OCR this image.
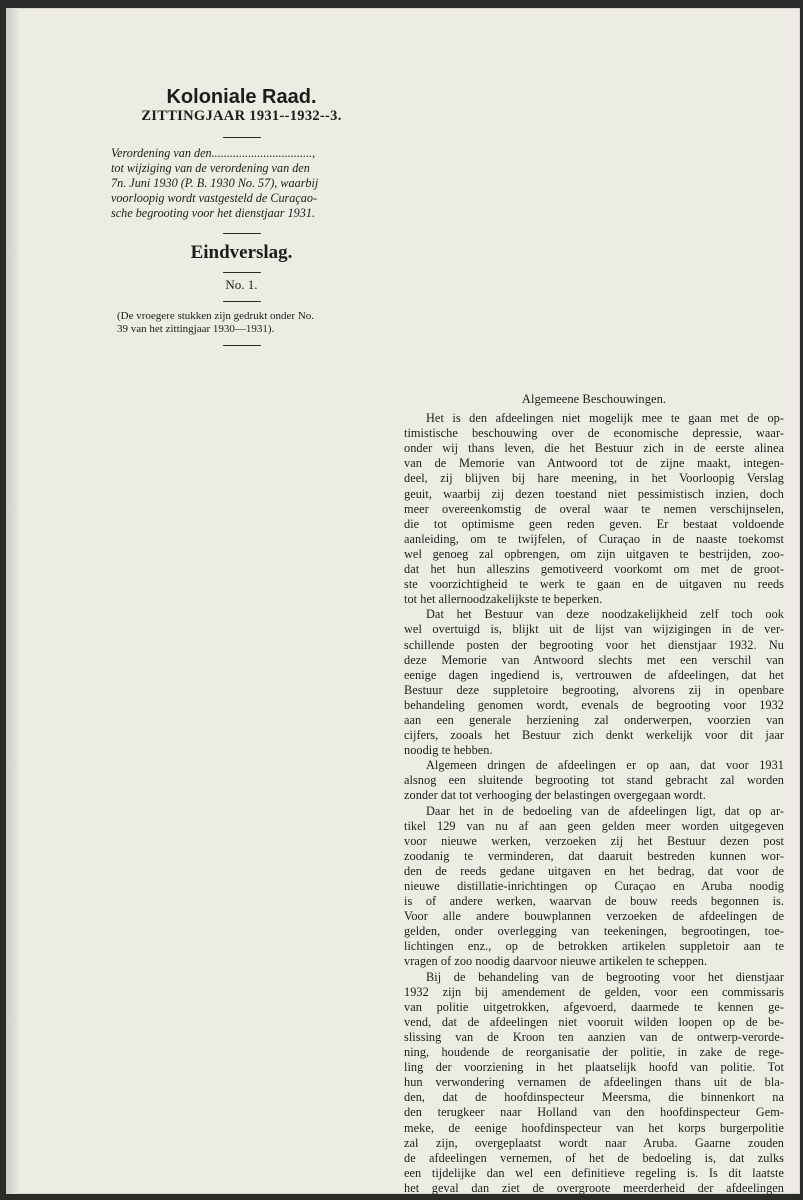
Koloniale Raad.
ZITTINGJAAR 1931--1932--3.
Verordening van den.................................,
tot wijziging van de verordening van den
7n. Juni 1930 (P. B. 1930 No. 57), waarbij
voorloopig wordt vastgesteld de Curaçao-
sche begrooting voor het dienstjaar 1931.
Eindverslag.
No. 1.
(De vroegere stukken zijn gedrukt onder No.
39 van het zittingjaar 1930—1931).
Algemeene Beschouwingen.
Het is den afdeelingen niet mogelijk mee te gaan met de op-
timistische beschouwing over de economische depressie, waar-
onder wij thans leven, die het Bestuur zich in de eerste alinea
van de Memorie van Antwoord tot de zijne maakt, integen-
deel, zij blijven bij hare meening, in het Voorloopig Verslag
geuit, waarbij zij dezen toestand niet pessimistisch inzien, doch
meer overeenkomstig de overal waar te nemen verschijnselen,
die tot optimisme geen reden geven. Er bestaat voldoende
aanleiding, om te twijfelen, of Curaçao in de naaste toekomst
wel genoeg zal opbrengen, om zijn uitgaven te bestrijden, zoo-
dat het hun alleszins gemotiveerd voorkomt om met de groot-
ste voorzichtigheid te werk te gaan en de uitgaven nu reeds
tot het allernoodzakelijkste te beperken.
Dat het Bestuur van deze noodzakelijkheid zelf toch ook
wel overtuigd is, blijkt uit de lijst van wijzigingen in de ver-
schillende posten der begrooting voor het dienstjaar 1932. Nu
deze Memorie van Antwoord slechts met een verschil van
eenige dagen ingediend is, vertrouwen de afdeelingen, dat het
Bestuur deze suppletoire begrooting, alvorens zij in openbare
behandeling genomen wordt, evenals de begrooting voor 1932
aan een generale herziening zal onderwerpen, voorzien van
cijfers, zooals het Bestuur zich denkt werkelijk voor dit jaar
noodig te hebben.
Algemeen dringen de afdeelingen er op aan, dat voor 1931
alsnog een sluitende begrooting tot stand gebracht zal worden
zonder dat tot verhooging der belastingen overgegaan wordt.
Daar het in de bedoeling van de afdeelingen ligt, dat op ar-
tikel 129 van nu af aan geen gelden meer worden uitgegeven
voor nieuwe werken, verzoeken zij het Bestuur dezen post
zoodanig te verminderen, dat daaruit bestreden kunnen wor-
den de reeds gedane uitgaven en het bedrag, dat voor de
nieuwe distillatie-inrichtingen op Curaçao en Aruba noodig
is of andere werken, waarvan de bouw reeds begonnen is.
Voor alle andere bouwplannen verzoeken de afdeelingen de
gelden, onder overlegging van teekeningen, begrootingen, toe-
lichtingen enz., op de betrokken artikelen suppletoir aan te
vragen of zoo noodig daarvoor nieuwe artikelen te scheppen.
Bij de behandeling van de begrooting voor het dienstjaar
1932 zijn bij amendement de gelden, voor een commissaris
van politie uitgetrokken, afgevoerd, daarmede te kennen ge-
vend, dat de afdeelingen niet vooruit wilden loopen op de be-
slissing van de Kroon ten aanzien van de ontwerp-verorde-
ning, houdende de reorganisatie der politie, in zake de rege-
ling der voorziening in het plaatselijk hoofd van politie. Tot
hun verwondering vernamen de afdeelingen thans uit de bla-
den, dat de hoofdinspecteur Meersma, die binnenkort na
den terugkeer naar Holland van den hoofdinspecteur Gem-
meke, de eenige hoofdinspecteur van het korps burgerpolitie
zal zijn, overgeplaatst wordt naar Aruba. Gaarne zouden
de afdeelingen vernemen, of het de bedoeling is, dat zulks
een tijdelijke dan wel een definitieve regeling is. Is dit laatste
het geval dan ziet de overgroote meerderheid der afdeelingen
